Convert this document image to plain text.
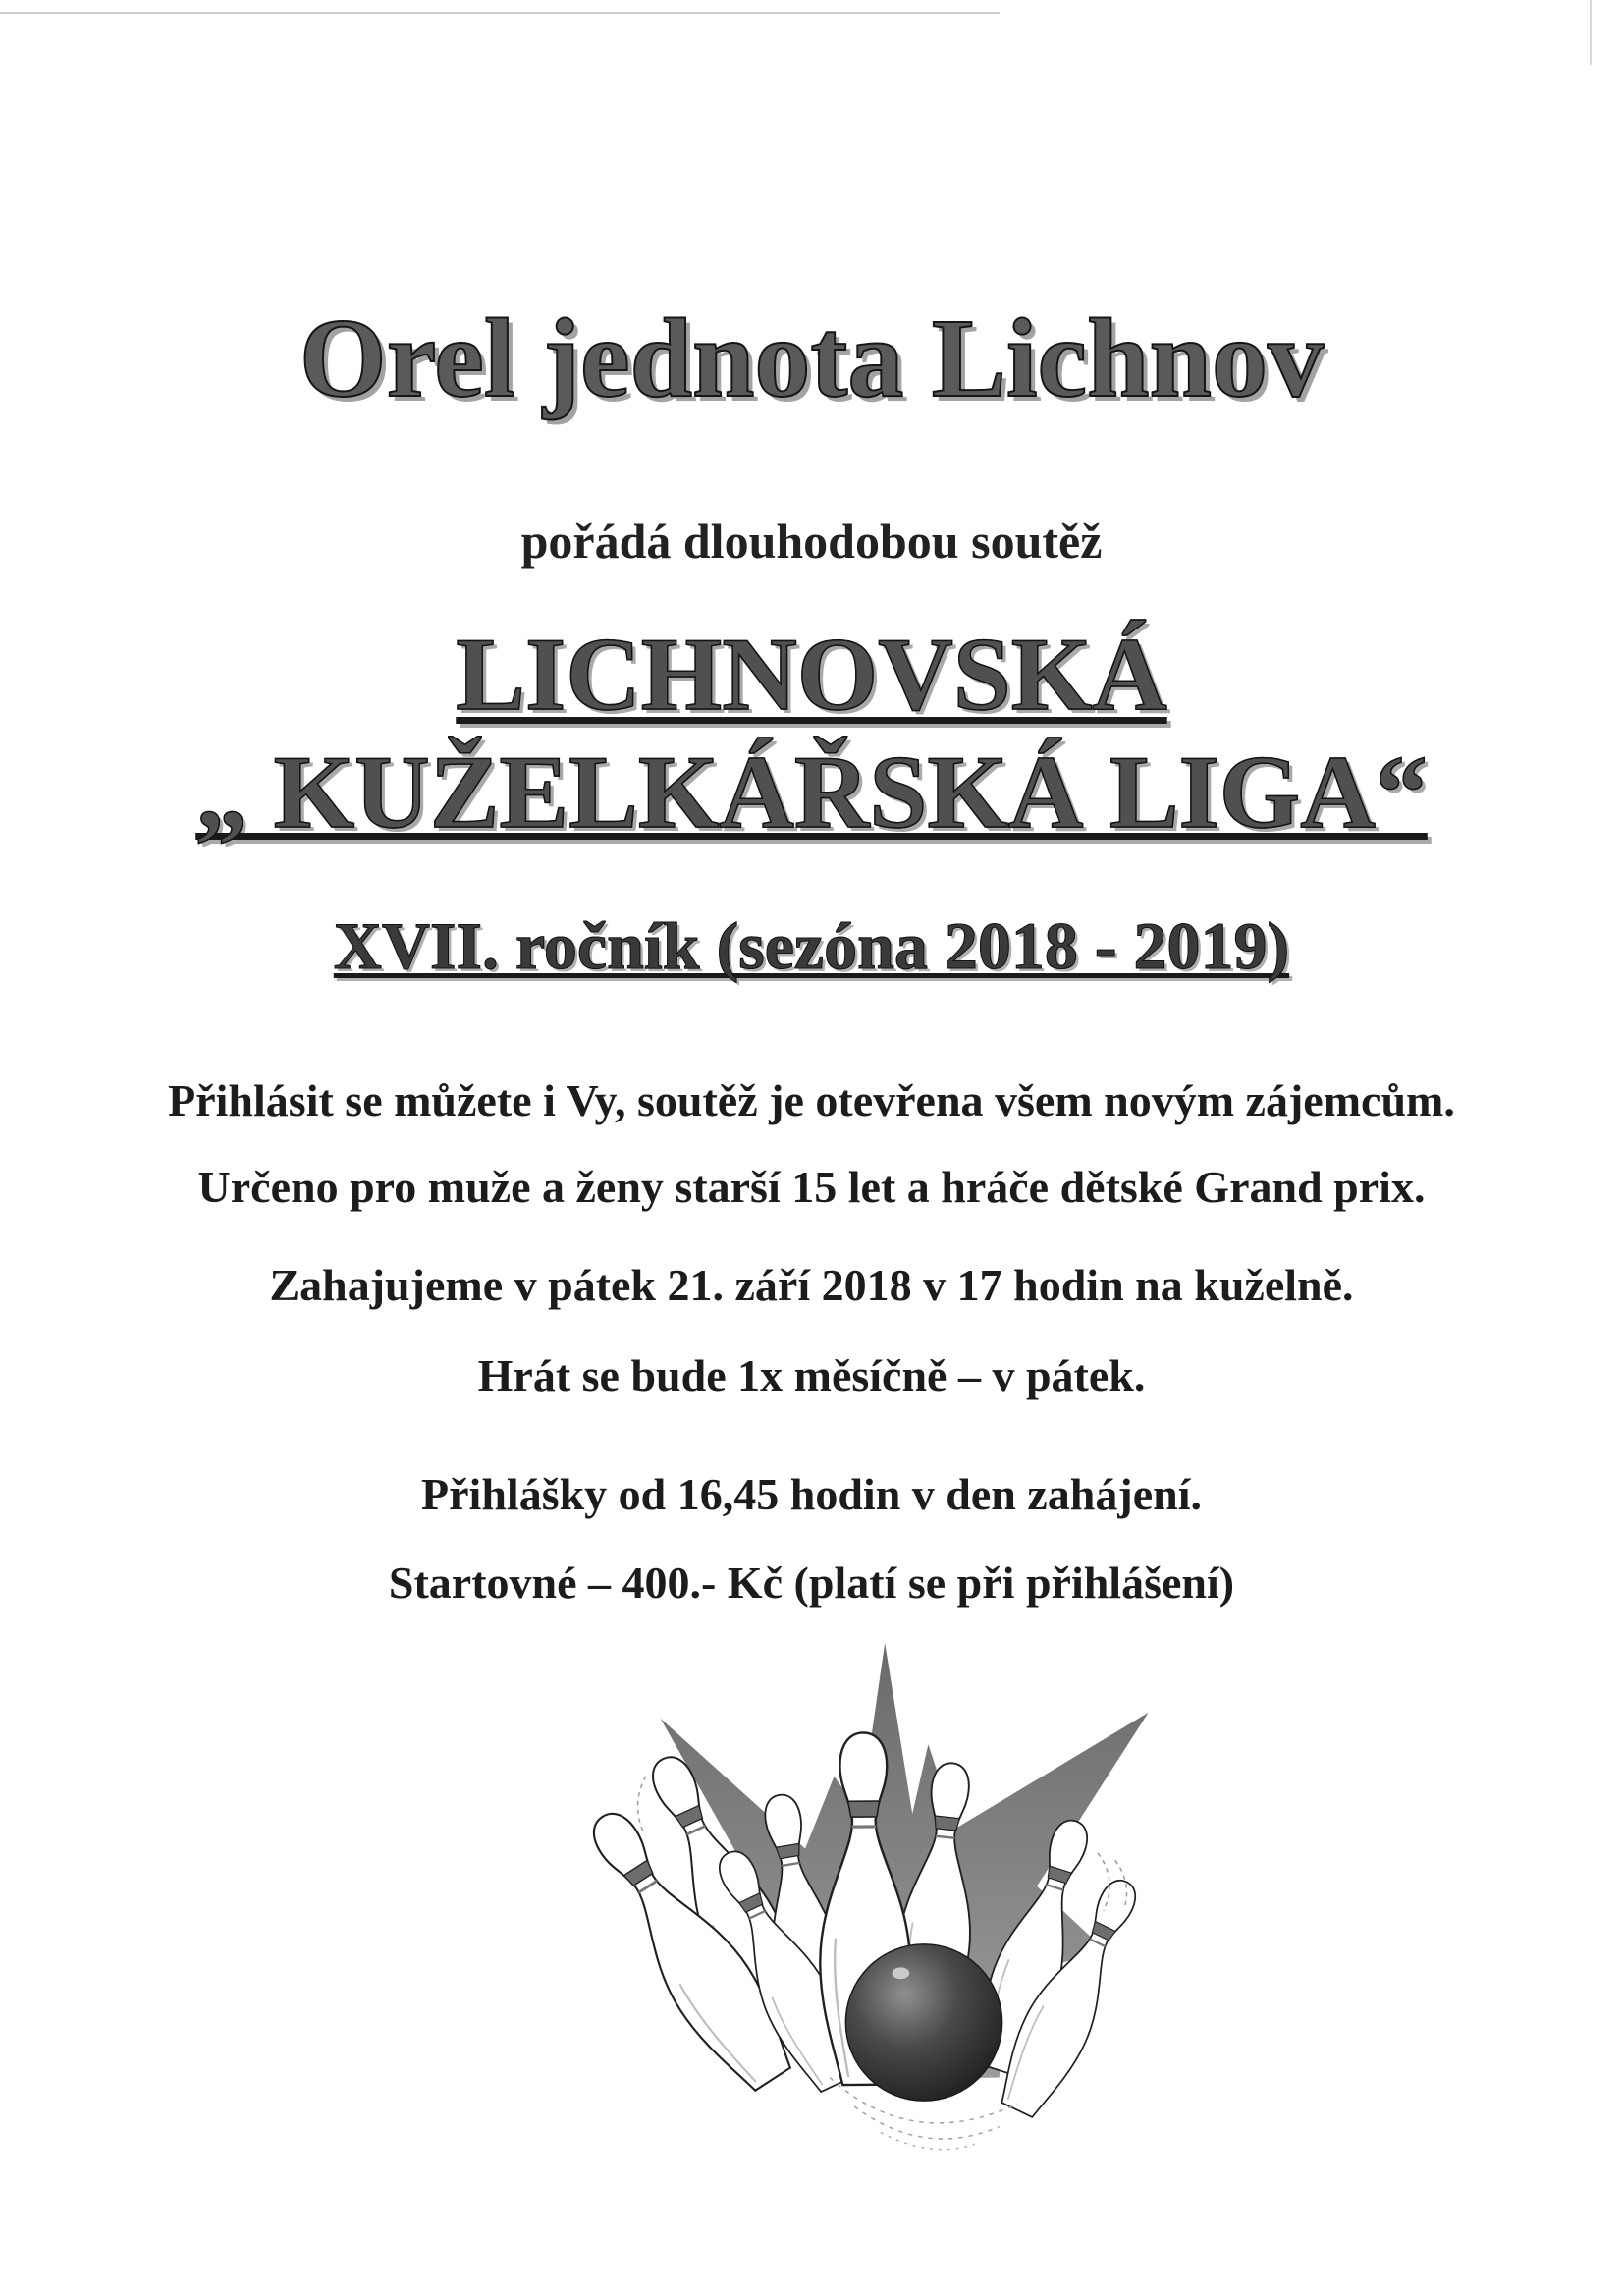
Orel jednota Lichnov
pořádá dlouhodobou soutěž
LICHNOVSKÁ
„ KUŽELKÁŘSKÁ LIGA“
XVII. ročník (sezóna 2018 - 2019)
Přihlásit se můžete i Vy, soutěž je otevřena všem novým zájemcům.
Určeno pro muže a ženy starší 15 let a hráče dětské Grand prix.
Zahajujeme v pátek 21. září 2018 v 17 hodin na kuželně.
Hrát se bude 1x měsíčně – v pátek.
Přihlášky od 16,45 hodin v den zahájení.
Startovné – 400.- Kč (platí se při přihlášení)
